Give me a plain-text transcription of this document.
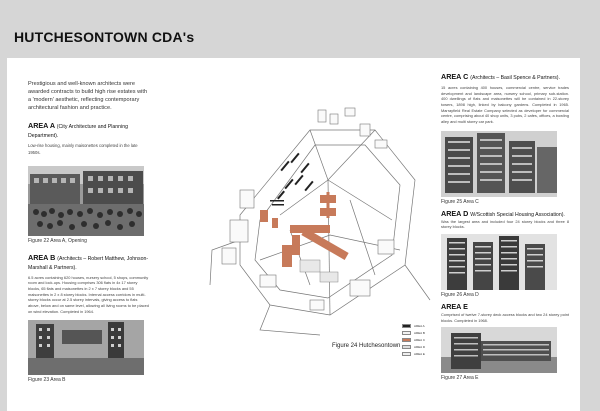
HUTCHESONTOWN CDA's
Prestigious and well-known architects were awarded contracts to build high rise estates with a 'modern' aesthetic, reflecting contemporary architectural fashion and practice.
AREA A (City Architecture and Planning Department).
Low-rise housing, mainly maisonettes completed in the late 1950s.
Figure 22 Area A, Opening
AREA B (Architects – Robert Matthew, Johnson-Marshall & Partners).
6.5 acres containing 620 houses, nursery school, 5 shops, community room and lock-ups. Housing comprises 306 flats in 4x 17 storey blocks, 65 flats and maisonettes in 2 x 7 storey blocks and 55 maisonettes in 2 x 8 storey blocks. Internal access corridors in multi-storey blocks occur at 2.5 storey intervals, giving access to flats above, below and on same level, allowing all living rooms to be placed on wind elevation. Completed in 1964.
Figure 23 Area B
Figure 24 Hutchesontown
AREA A
AREA B
AREA C
AREA D
AREA E
AREA C (Architects – Basil Spence & Partners).
15 acres containing 400 houses, commercial centre, service trades development and landscape area, nursery school, primary sub-station. 400 dwellings of flats and maisonettes will be contained in 22-storey towers, 1898 high, linked by balcony gardens. Completed in 1965. Marrayfield Real Estate Company selected as developer for commercial centre, comprising about 40 shop units, 3 pubs, 2 cafes, offices, a bowling alley and multi storey car park.
Figure 25 Area C
AREA D W/Scottish Special Housing Association).
Was the largest area and included four 24 storey blocks and three 8 storey blocks.
Figure 26 Area D
AREA E
Comprised of twelve 7-storey deck access blocks and two 24 storey point blocks. Completed in 1968.
Figure 27 Area E
